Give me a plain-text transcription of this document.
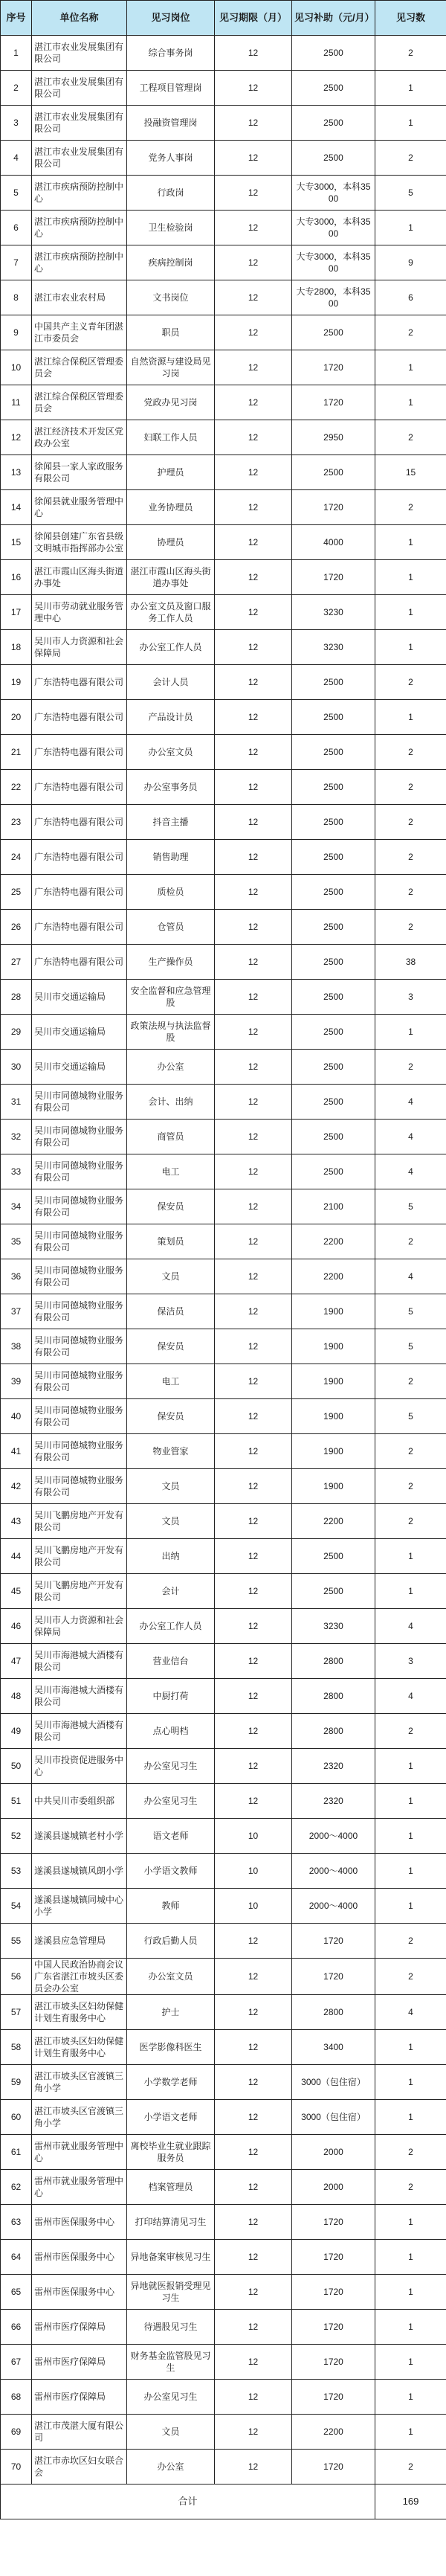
序号	单位名称	见习岗位	见习期限（月）	见习补助（元/月）	见习数
1	湛江市农业发展集团有限公司	综合事务岗	12	2500	2
2	湛江市农业发展集团有限公司	工程项目管理岗	12	2500	1
3	湛江市农业发展集团有限公司	投融资管理岗	12	2500	1
4	湛江市农业发展集团有限公司	党务人事岗	12	2500	2
5	湛江市疾病预防控制中心	行政岗	12	大专3000，本科3500	5
6	湛江市疾病预防控制中心	卫生检验岗	12	大专3000，本科3500	1
7	湛江市疾病预防控制中心	疾病控制岗	12	大专3000，本科3500	9
8	湛江市农业农村局	文书岗位	12	大专2800，本科3500	6
9	中国共产主义青年团湛江市委员会	职员	12	2500	2
10	湛江综合保税区管理委员会	自然资源与建设局见习岗	12	1720	1
11	湛江综合保税区管理委员会	党政办见习岗	12	1720	1
12	湛江经济技术开发区党政办公室	妇联工作人员	12	2950	2
13	徐闻县一家人家政服务有限公司	护理员	12	2500	15
14	徐闻县就业服务管理中心	业务协理员	12	1720	2
15	徐闻县创建广东省县级文明城市指挥部办公室	协理员	12	4000	1
16	湛江市霞山区海头街道办事处	湛江市霞山区海头街道办事处	12	1720	1
17	吴川市劳动就业服务管理中心	办公室文员及窗口服务工作人员	12	3230	1
18	吴川市人力资源和社会保障局	办公室工作人员	12	3230	1
19	广东浩特电器有限公司	会计人员	12	2500	2
20	广东浩特电器有限公司	产品设计员	12	2500	1
21	广东浩特电器有限公司	办公室文员	12	2500	2
22	广东浩特电器有限公司	办公室事务员	12	2500	2
23	广东浩特电器有限公司	抖音主播	12	2500	2
24	广东浩特电器有限公司	销售助理	12	2500	2
25	广东浩特电器有限公司	质检员	12	2500	2
26	广东浩特电器有限公司	仓管员	12	2500	2
27	广东浩特电器有限公司	生产操作员	12	2500	38
28	吴川市交通运输局	安全监督和应急管理股	12	2500	3
29	吴川市交通运输局	政策法规与执法监督股	12	2500	1
30	吴川市交通运输局	办公室	12	2500	2
31	吴川市同德城物业服务有限公司	会计、出纳	12	2500	4
32	吴川市同德城物业服务有限公司	商管员	12	2500	4
33	吴川市同德城物业服务有限公司	电工	12	2500	4
34	吴川市同德城物业服务有限公司	保安员	12	2100	5
35	吴川市同德城物业服务有限公司	策划员	12	2200	2
36	吴川市同德城物业服务有限公司	文员	12	2200	4
37	吴川市同德城物业服务有限公司	保洁员	12	1900	5
38	吴川市同德城物业服务有限公司	保安员	12	1900	5
39	吴川市同德城物业服务有限公司	电工	12	1900	2
40	吴川市同德城物业服务有限公司	保安员	12	1900	5
41	吴川市同德城物业服务有限公司	物业管家	12	1900	2
42	吴川市同德城物业服务有限公司	文员	12	1900	2
43	吴川飞鹏房地产开发有限公司	文员	12	2200	2
44	吴川飞鹏房地产开发有限公司	出纳	12	2500	1
45	吴川飞鹏房地产开发有限公司	会计	12	2500	1
46	吴川市人力资源和社会保障局	办公室工作人员	12	3230	4
47	吴川市海港城大酒楼有限公司	营业信台	12	2800	3
48	吴川市海港城大酒楼有限公司	中厨打荷	12	2800	4
49	吴川市海港城大酒楼有限公司	点心明档	12	2800	2
50	吴川市投资促进服务中心	办公室见习生	12	2320	1
51	中共吴川市委组织部	办公室见习生	12	2320	1
52	遂溪县遂城镇老村小学	语文老师	10	2000～4000	1
53	遂溪县遂城镇风朗小学	小学语文教师	10	2000～4000	1
54	遂溪县遂城镇同城中心小学	教师	10	2000～4000	1
55	遂溪县应急管理局	行政后勤人员	12	1720	2
56	中国人民政治协商会议广东省湛江市坡头区委员会办公室	办公室文员	12	1720	2
57	湛江市坡头区妇幼保健计划生育服务中心	护士	12	2800	4
58	湛江市坡头区妇幼保健计划生育服务中心	医学影像科医生	12	3400	1
59	湛江市坡头区官渡镇三角小学	小学数学老师	12	3000（包住宿）	1
60	湛江市坡头区官渡镇三角小学	小学语文老师	12	3000（包住宿）	1
61	雷州市就业服务管理中心	离校毕业生就业跟踪服务员	12	2000	2
62	雷州市就业服务管理中心	档案管理员	12	2000	2
63	雷州市医保服务中心	打印结算清见习生	12	1720	1
64	雷州市医保服务中心	异地备案审核见习生	12	1720	1
65	雷州市医保服务中心	异地就医报销受理见习生	12	1720	1
66	雷州市医疗保障局	待遇股见习生	12	1720	1
67	雷州市医疗保障局	财务基金监管股见习生	12	1720	1
68	雷州市医疗保障局	办公室见习生	12	1720	1
69	湛江市茂湛大厦有限公司	文员	12	2200	1
70	湛江市赤坎区妇女联合会	办公室	12	1720	2
合计					169
